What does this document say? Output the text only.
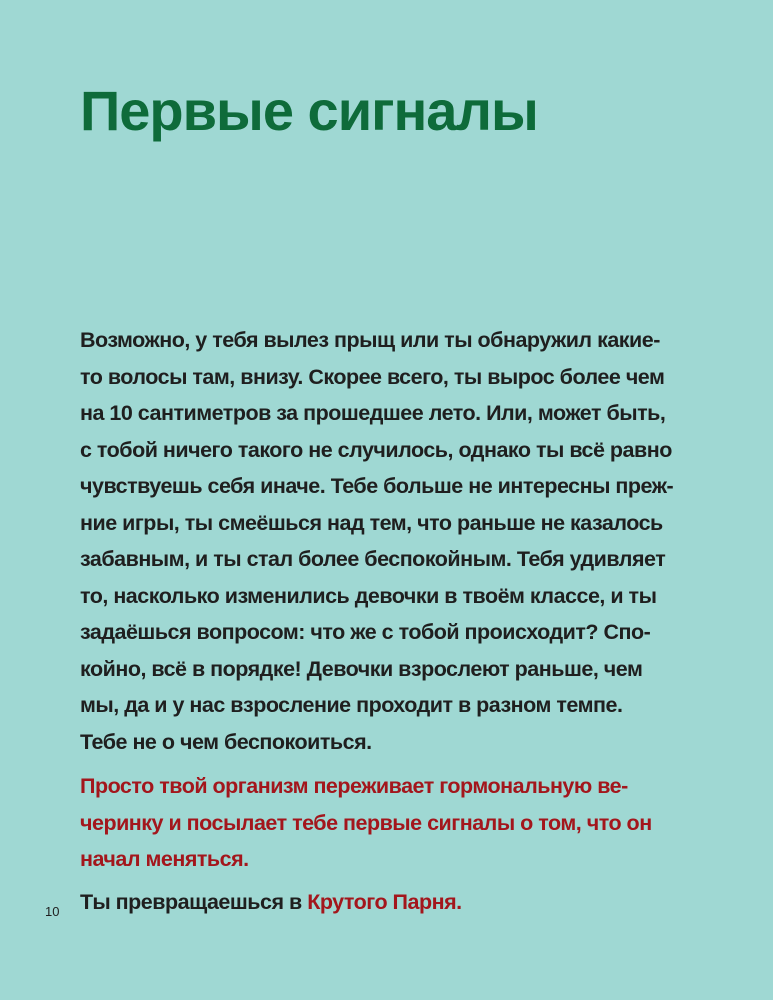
Первые сигналы

Возможно, у тебя вылез прыщ или ты обнаружил какие-
то волосы там, внизу. Скорее всего, ты вырос более чем
на 10 сантиметров за прошедшее лето. Или, может быть,
с тобой ничего такого не случилось, однако ты всё равно
чувствуешь себя иначе. Тебе больше не интересны преж-
ние игры, ты смеёшься над тем, что раньше не казалось
забавным, и ты стал более беспокойным. Тебя удивляет
то, насколько изменились девочки в твоём классе, и ты
задаёшься вопросом: что же с тобой происходит? Спо-
койно, всё в порядке! Девочки взрослеют раньше, чем
мы, да и у нас взросление проходит в разном темпе.
Тебе не о чем беспокоиться.

Просто твой организм переживает гормональную ве-
черинку и посылает тебе первые сигналы о том, что он
начал меняться.

Ты превращаешься в Крутого Парня.

10
